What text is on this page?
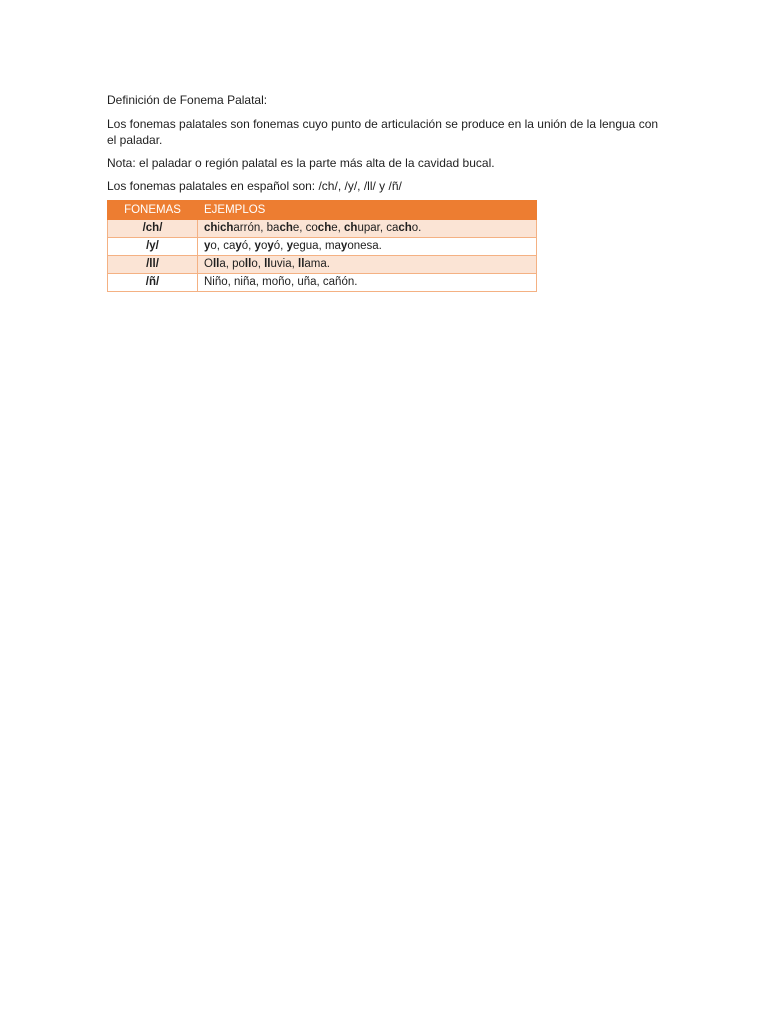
Definición de Fonema Palatal:

Los fonemas palatales son fonemas cuyo punto de articulación se produce en la unión de la lengua con el paladar.

Nota: el paladar o región palatal es la parte más alta de la cavidad bucal.

Los fonemas palatales en español son: /ch/, /y/, /ll/ y /ñ/

FONEMAS	EJEMPLOS
/ch/	chicharrón, bache, coche, chupar, cacho.
/y/	yo, cayó, yoyó, yegua, mayonesa.
/ll/	Olla, pollo, lluvia, llama.
/ñ/	Niño, niña, moño, uña, cañón.
